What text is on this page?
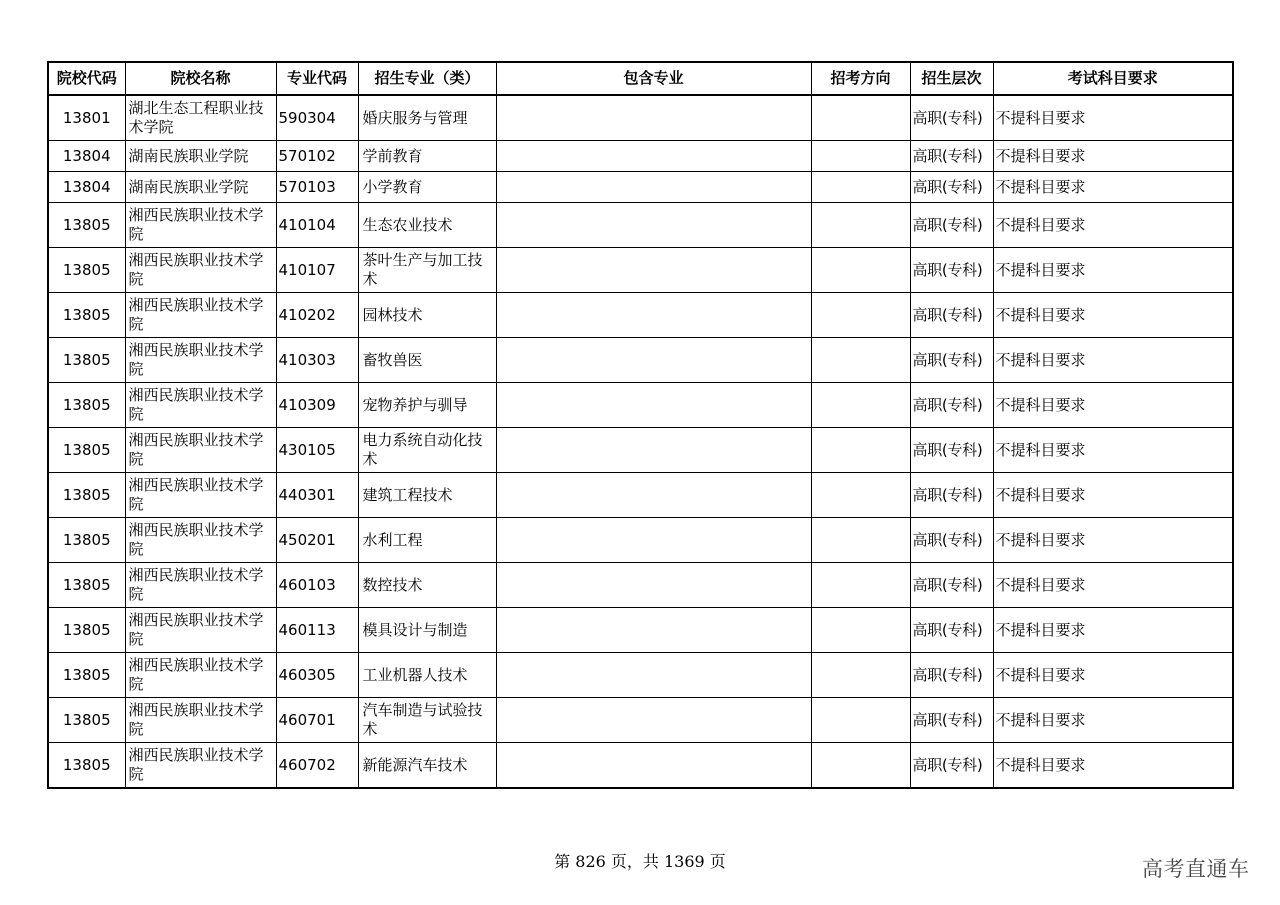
院校代码	院校名称	专业代码	招生专业（类）	包含专业	招考方向	招生层次	考试科目要求
13801	湖北生态工程职业技术学院	590304	婚庆服务与管理			高职(专科)	不提科目要求
13804	湖南民族职业学院	570102	学前教育			高职(专科)	不提科目要求
13804	湖南民族职业学院	570103	小学教育			高职(专科)	不提科目要求
13805	湘西民族职业技术学院	410104	生态农业技术			高职(专科)	不提科目要求
13805	湘西民族职业技术学院	410107	茶叶生产与加工技术			高职(专科)	不提科目要求
13805	湘西民族职业技术学院	410202	园林技术			高职(专科)	不提科目要求
13805	湘西民族职业技术学院	410303	畜牧兽医			高职(专科)	不提科目要求
13805	湘西民族职业技术学院	410309	宠物养护与驯导			高职(专科)	不提科目要求
13805	湘西民族职业技术学院	430105	电力系统自动化技术			高职(专科)	不提科目要求
13805	湘西民族职业技术学院	440301	建筑工程技术			高职(专科)	不提科目要求
13805	湘西民族职业技术学院	450201	水利工程			高职(专科)	不提科目要求
13805	湘西民族职业技术学院	460103	数控技术			高职(专科)	不提科目要求
13805	湘西民族职业技术学院	460113	模具设计与制造			高职(专科)	不提科目要求
13805	湘西民族职业技术学院	460305	工业机器人技术			高职(专科)	不提科目要求
13805	湘西民族职业技术学院	460701	汽车制造与试验技术			高职(专科)	不提科目要求
13805	湘西民族职业技术学院	460702	新能源汽车技术			高职(专科)	不提科目要求
第 826 页，共 1369 页	高考直通车
